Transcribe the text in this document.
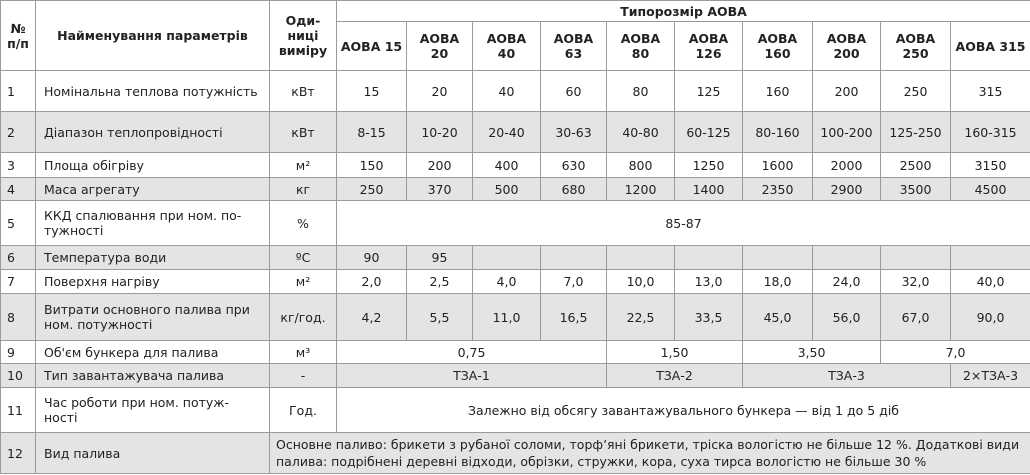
№ п/п	Найменування параметрів	Оди- ниці виміру	Типорозмір АОВА									
			АОВА 15	АОВА 20	АОВА 40	АОВА 63	АОВА 80	АОВА 126	АОВА 160	АОВА 200	АОВА 250	АОВА 315
1	Номінальна теплова потужність	кВт	15	20	40	60	80	125	160	200	250	315
2	Діапазон теплопровідності	кВт	8-15	10-20	20-40	30-63	40-80	60-125	80-160	100-200	125-250	160-315
3	Площа обігріву	м²	150	200	400	630	800	1250	1600	2000	2500	3150
4	Маса агрегату	кг	250	370	500	680	1200	1400	2350	2900	3500	4500
5	ККД спалювання при ном. по- тужності	%	85-87									
6	Температура води	ºС	90	95								
7	Поверхня нагріву	м²	2,0	2,5	4,0	7,0	10,0	13,0	18,0	24,0	32,0	40,0
8	Витрати основного палива при ном. потужності	кг/год.	4,2	5,5	11,0	16,5	22,5	33,5	45,0	56,0	67,0	90,0
9	Об'єм бункера для палива	м³	0,75				1,50		3,50		7,0	
10	Тип завантажувача палива	-	ТЗА-1				ТЗА-2		ТЗА-3			2×ТЗА-3
11	Час роботи при ном. потуж- ності	Год.	Залежно від обсягу завантажувального бункера — від 1 до 5 діб									
12	Вид палива	Основне паливо: брикети з рубаної соломи, торфʼяні брикети, тріска вологістю не більше 12 %. Додаткові види палива: подрібнені деревні відходи, обрізки, стружки, кора, суха тирса вологістю не більше 30 %										
